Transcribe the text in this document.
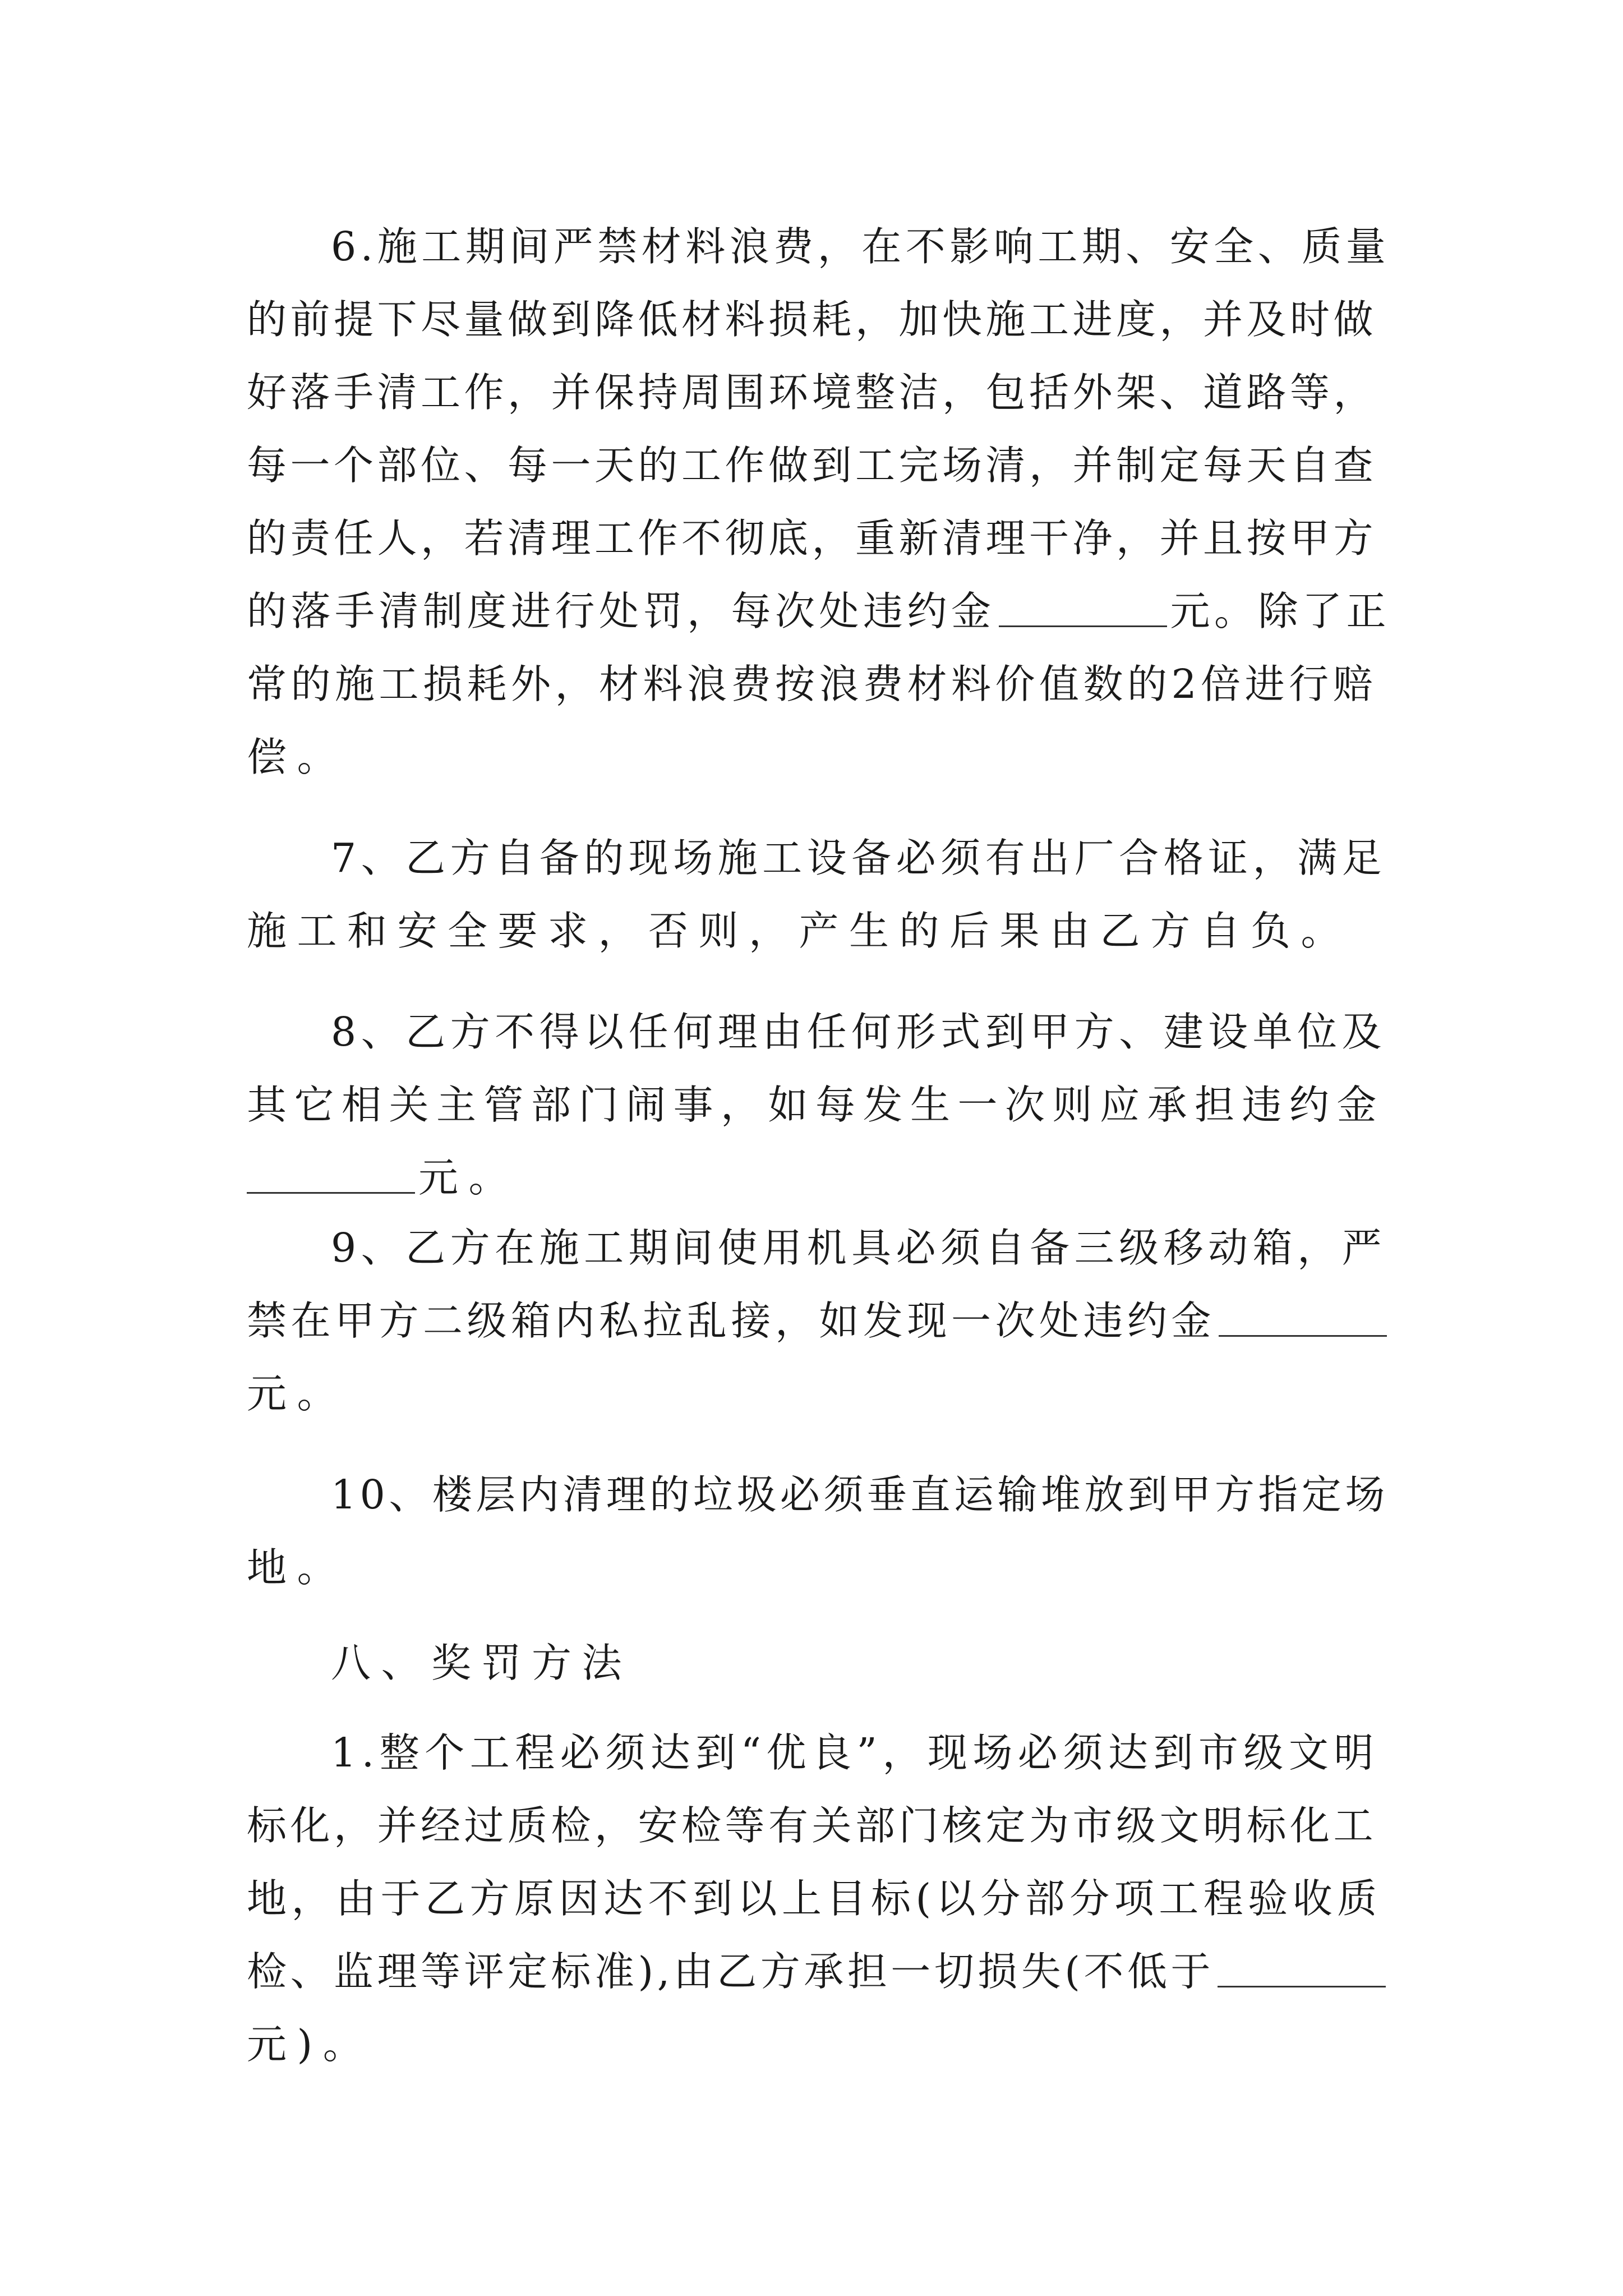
6.施工期间严禁材料浪费，在不影响工期、安全、质量

的前提下尽量做到降低材料损耗，加快施工进度，并及时做

好落手清工作，并保持周围环境整洁，包括外架、道路等，

每一个部位、每一天的工作做到工完场清，并制定每天自查

的责任人，若清理工作不彻底，重新清理干净，并且按甲方

的落手清制度进行处罚，每次处违约金	元。除了正

常的施工损耗外，材料浪费按浪费材料价值数的2倍进行赔

偿。

7、乙方自备的现场施工设备必须有出厂合格证，满足

施工和安全要求，否则，产生的后果由乙方自负。

8、乙方不得以任何理由任何形式到甲方、建设单位及

其它相关主管部门闹事，如每发生一次则应承担违约金

元。

9、乙方在施工期间使用机具必须自备三级移动箱，严

禁在甲方二级箱内私拉乱接，如发现一次处违约金

元。

10、楼层内清理的垃圾必须垂直运输堆放到甲方指定场

地。

八、奖罚方法

1.整个工程必须达到“优良”，现场必须达到市级文明

标化，并经过质检，安检等有关部门核定为市级文明标化工

地，由于乙方原因达不到以上目标(以分部分项工程验收质

检、监理等评定标准),由乙方承担一切损失(不低于

元)。
